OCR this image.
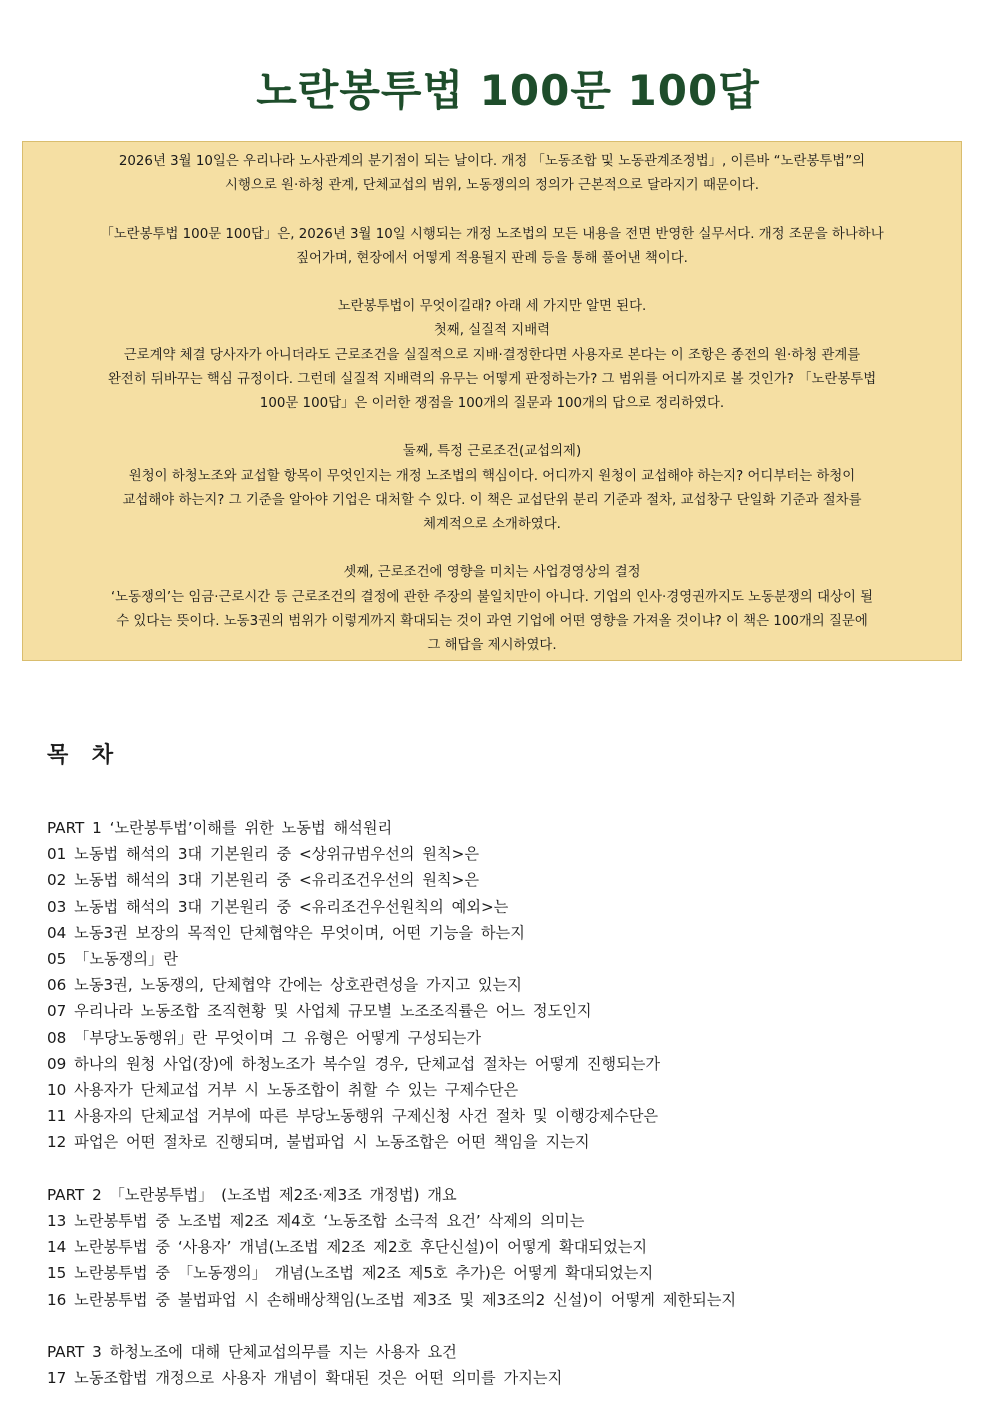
노란봉투법 100문 100답

2026년 3월 10일은 우리나라 노사관계의 분기점이 되는 날이다. 개정 「노동조합 및 노동관계조정법」, 이른바 “노란봉투법”의

시행으로 원·하청 관계, 단체교섭의 범위, 노동쟁의의 정의가 근본적으로 달라지기 때문이다.

「노란봉투법 100문 100답」은, 2026년 3월 10일 시행되는 개정 노조법의 모든 내용을 전면 반영한 실무서다. 개정 조문을 하나하나

짚어가며, 현장에서 어떻게 적용될지 판례 등을 통해 풀어낸 책이다.

노란봉투법이 무엇이길래? 아래 세 가지만 알면 된다.

첫째, 실질적 지배력

근로계약 체결 당사자가 아니더라도 근로조건을 실질적으로 지배·결정한다면 사용자로 본다는 이 조항은 종전의 원·하청 관계를

완전히 뒤바꾸는 핵심 규정이다. 그런데 실질적 지배력의 유무는 어떻게 판정하는가? 그 범위를 어디까지로 볼 것인가? 「노란봉투법

100문 100답」은 이러한 쟁점을 100개의 질문과 100개의 답으로 정리하였다.

둘째, 특정 근로조건(교섭의제)

원청이 하청노조와 교섭할 항목이 무엇인지는 개정 노조법의 핵심이다. 어디까지 원청이 교섭해야 하는지? 어디부터는 하청이

교섭해야 하는지? 그 기준을 알아야 기업은 대처할 수 있다. 이 책은 교섭단위 분리 기준과 절차, 교섭창구 단일화 기준과 절차를

체계적으로 소개하였다.

셋째, 근로조건에 영향을 미치는 사업경영상의 결정

‘노동쟁의’는 임금·근로시간 등 근로조건의 결정에 관한 주장의 불일치만이 아니다. 기업의 인사·경영권까지도 노동분쟁의 대상이 될

수 있다는 뜻이다. 노동3권의 범위가 이렇게까지 확대되는 것이 과연 기업에 어떤 영향을 가져올 것이냐? 이 책은 100개의 질문에

그 해답을 제시하였다.

목 차
PART 1 ‘노란봉투법’이해를 위한 노동법 해석원리
01 노동법 해석의 3대 기본원리 중 <상위규범우선의 원칙>은
02 노동법 해석의 3대 기본원리 중 <유리조건우선의 원칙>은
03 노동법 해석의 3대 기본원리 중 <유리조건우선원칙의 예외>는
04 노동3권 보장의 목적인 단체협약은 무엇이며, 어떤 기능을 하는지
05 「노동쟁의」란
06 노동3권, 노동쟁의, 단체협약 간에는 상호관련성을 가지고 있는지
07 우리나라 노동조합 조직현황 및 사업체 규모별 노조조직률은 어느 정도인지
08 「부당노동행위」란 무엇이며 그 유형은 어떻게 구성되는가
09 하나의 원청 사업(장)에 하청노조가 복수일 경우, 단체교섭 절차는 어떻게 진행되는가
10 사용자가 단체교섭 거부 시 노동조합이 취할 수 있는 구제수단은
11 사용자의 단체교섭 거부에 따른 부당노동행위 구제신청 사건 절차 및 이행강제수단은
12 파업은 어떤 절차로 진행되며, 불법파업 시 노동조합은 어떤 책임을 지는지
PART 2 「노란봉투법」 (노조법 제2조·제3조 개정법) 개요
13 노란봉투법 중 노조법 제2조 제4호 ‘노동조합 소극적 요건’ 삭제의 의미는
14 노란봉투법 중 ‘사용자’ 개념(노조법 제2조 제2호 후단신설)이 어떻게 확대되었는지
15 노란봉투법 중 「노동쟁의」 개념(노조법 제2조 제5호 추가)은 어떻게 확대되었는지
16 노란봉투법 중 불법파업 시 손해배상책임(노조법 제3조 및 제3조의2 신설)이 어떻게 제한되는지
PART 3 하청노조에 대해 단체교섭의무를 지는 사용자 요건
17 노동조합법 개정으로 사용자 개념이 확대된 것은 어떤 의미를 가지는지
